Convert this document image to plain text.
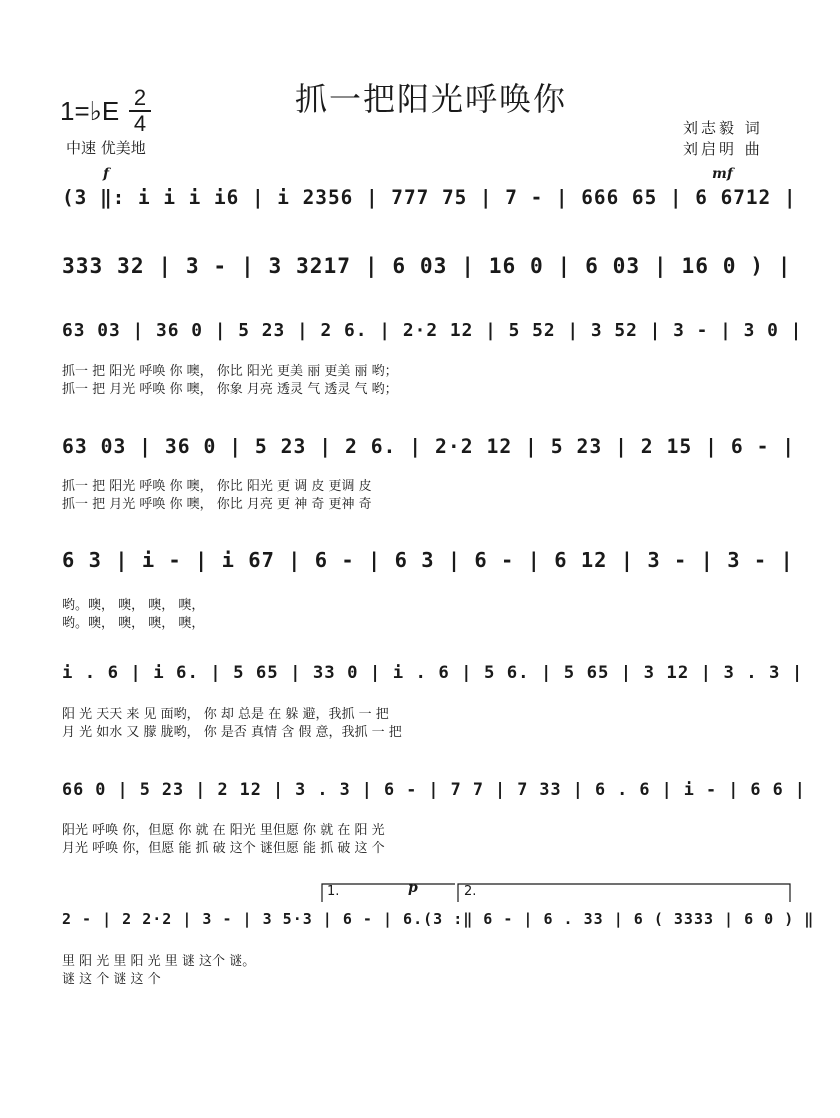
抓一把阳光呼唤你
1=♭E 2
4
中速 优美地
刘志毅 词
刘启明 曲
f	mf
p
1.	2.
(3 ‖: i i i i6 | i 2356 | 777 75 | 7 - | 666 65 | 6 6712 |
333 32 | 3 - | 3 3217 | 6 03 | 16 0 | 6 03 | 16 0 ) |
63 03 | 36 0 | 5 23 | 2 6. | 2·2 12 | 5 52 | 3 52 | 3 - | 3 0 |
抓一 把 阳光 呼唤 你 噢， 你比 阳光 更美 丽 更美 丽 哟；
抓一 把 月光 呼唤 你 噢， 你象 月亮 透灵 气 透灵 气 哟；
63 03 | 36 0 | 5 23 | 2 6. | 2·2 12 | 5 23 | 2 15 | 6 - |
抓一 把 阳光 呼唤 你 噢， 你比 阳光 更 调 皮 更调 皮
抓一 把 月光 呼唤 你 噢， 你比 月亮 更 神 奇 更神 奇
6 3 | i - | i 67 | 6 - | 6 3 | 6 - | 6 12 | 3 - | 3 - |
哟。噢， 噢， 噢， 噢，
哟。噢， 噢， 噢， 噢，
i . 6 | i 6. | 5 65 | 33 0 | i . 6 | 5 6. | 5 65 | 3 12 | 3 . 3 |
阳 光 天天 来 见 面哟， 你 却 总是 在 躲 避，我抓 一 把
月 光 如水 又 朦 胧哟， 你 是否 真情 含 假 意，我抓 一 把
66 0 | 5 23 | 2 12 | 3 . 3 | 6 - | 7 7 | 7 33 | 6 . 6 | i - | 6 6 |
阳光 呼唤 你，但愿 你 就 在 阳光 里但愿 你 就 在 阳 光
月光 呼唤 你，但愿 能 抓 破 这个 谜但愿 能 抓 破 这 个
2 - | 2 2·2 | 3 - | 3 5·3 | 6 - | 6.(3 :‖ 6 - | 6 . 33 | 6 ( 3333 | 6 0 ) ‖
里 阳 光 里 阳 光 里 谜 这个 谜。
谜 这 个 谜 这 个
